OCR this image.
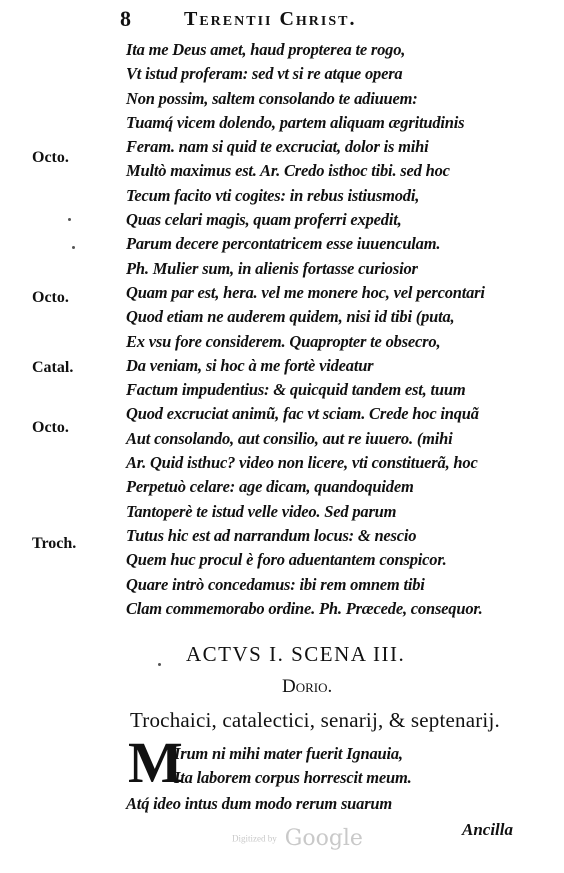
8	Terentii Christ.
Octo.
Octo.
Catal.
Octo.
Troch.
Ita me Deus amet, haud propterea te rogo,
Vt istud proferam: sed vt si re atque opera
Non possim, saltem consolando te adiuuem:
Tuamq́ vicem dolendo, partem aliquam ægritudinis
Feram. nam si quid te excruciat, dolor is mihi
Multò maximus est. Ar. Credo isthoc tibi. sed hoc
Tecum facito vti cogites: in rebus istiusmodi,
Quas celari magis, quam proferri expedit,
Parum decere percontatricem esse iuuenculam.
Ph. Mulier sum, in alienis fortasse curiosior
Quam par est, hera. vel me monere hoc, vel percontari
Quod etiam ne auderem quidem, nisi id tibi (puta,
Ex vsu fore considerem. Quapropter te obsecro,
Da veniam, si hoc à me fortè videatur
Factum impudentius: & quicquid tandem est, tuum
Quod excruciat animũ, fac vt sciam. Crede hoc inquã
Aut consolando, aut consilio, aut re iuuero. (mihi
Ar. Quid isthuc? video non licere, vti constituerã, hoc
Perpetuò celare: age dicam, quandoquidem
Tantoperè te istud velle video. Sed parum
Tutus hic est ad narrandum locus: & nescio
Quem huc procul è foro aduentantem conspicor.
Quare intrò concedamus: ibi rem omnem tibi
Clam commemorabo ordine. Ph. Præcede, consequor.
ACTVS I. SCENA III.
Dorio.
Trochaici, catalectici, senarij, & septenarij.
M
Irum ni mihi mater fuerit Ignauia,
Ita laborem corpus horrescit meum.
Atq́ ideo intus dum modo rerum suarum
Digitized by Google	Ancilla
